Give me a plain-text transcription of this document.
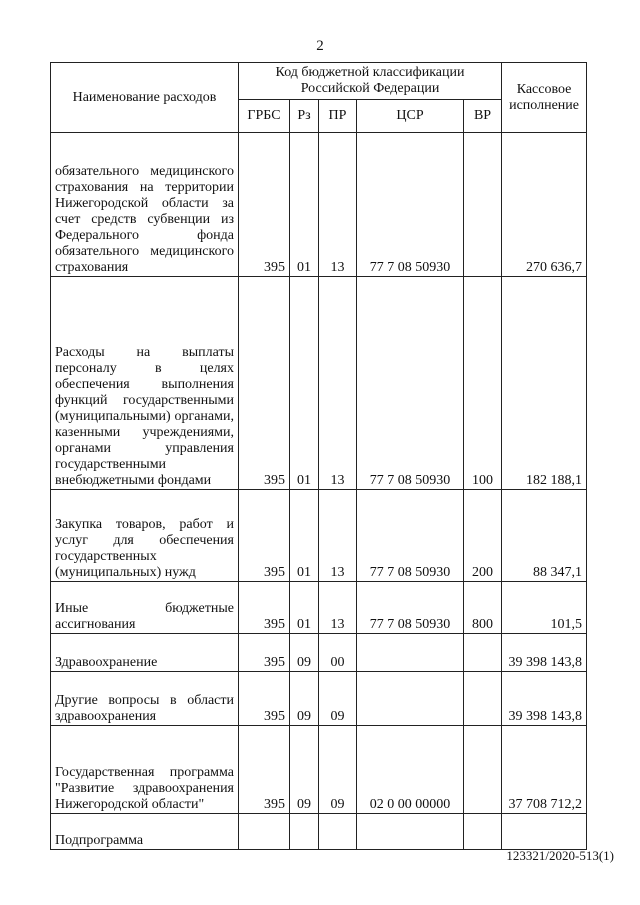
2
Наименование расходов	Код бюджетной классификации Российской Федерации					Кассовое исполнение
	ГРБС	Рз	ПР	ЦСР	ВР	
обязательного медицинского страхования на территории Нижегородской области за счет средств субвенции из Федерального фонда обязательного медицинского страхования	395	01	13	77 7 08 50930		270 636,7
Расходы на выплаты персоналу в целях обеспечения выполнения функций государственными (муниципальными) органами, казенными учреждениями, органами управления государственными внебюджетными фондами	395	01	13	77 7 08 50930	100	182 188,1
Закупка товаров, работ и услуг для обеспечения государственных (муниципальных) нужд	395	01	13	77 7 08 50930	200	88 347,1
Иные бюджетные ассигнования	395	01	13	77 7 08 50930	800	101,5
Здравоохранение	395	09	00			39 398 143,8
Другие вопросы в области здравоохранения	395	09	09			39 398 143,8
Государственная программа "Развитие здравоохранения Нижегородской области"	395	09	09	02 0 00 00000		37 708 712,2
Подпрограмма						
123321/2020-513(1)
